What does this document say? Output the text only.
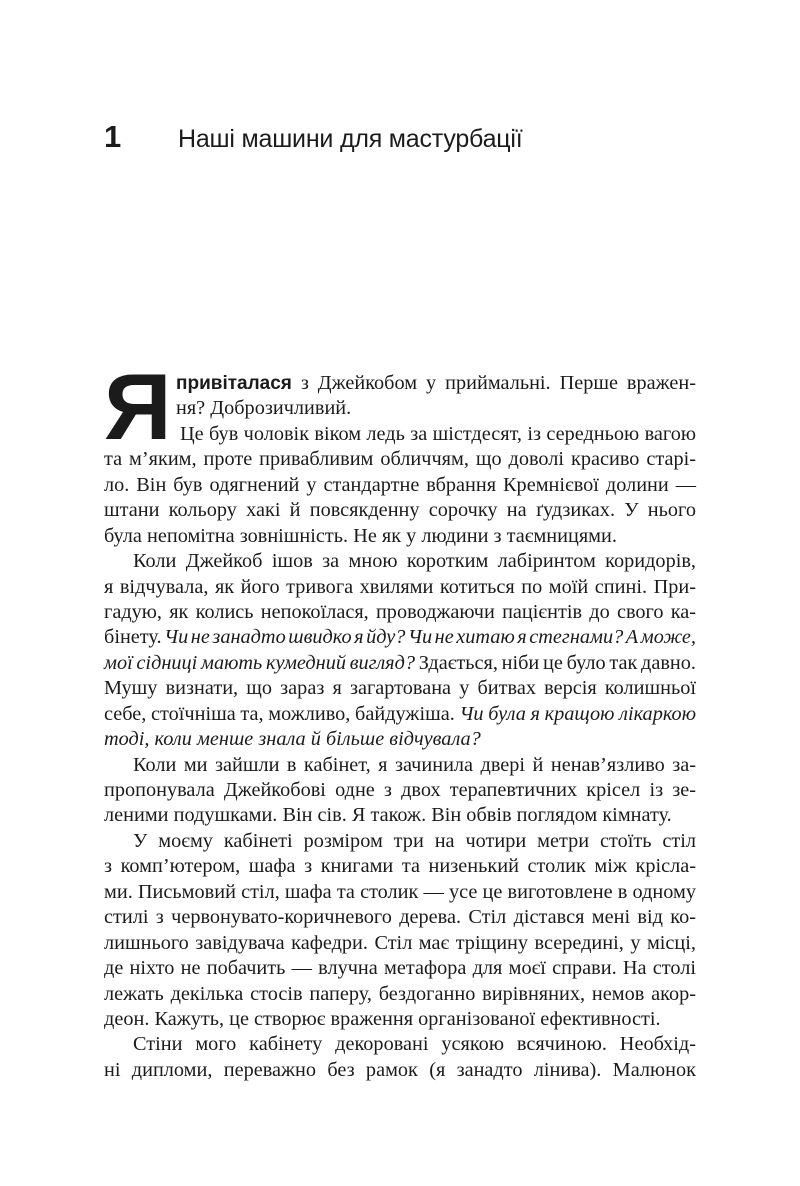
1	Наші машини для мастурбації
Я привіталася з Джейкобом у приймальні. Перше вражен-
ня? Доброзичливий.
Це був чоловік віком ледь за шістдесят, із середньою вагою
та м’яким, проте привабливим обличчям, що доволі красиво старі-
ло. Він був одягнений у стандартне вбрання Кремнієвої долини —
штани кольору хакі й повсякденну сорочку на ґудзиках. У нього
була непомітна зовнішність. Не як у людини з таємницями.
Коли Джейкоб ішов за мною коротким лабіринтом коридорів,
я відчувала, як його тривога хвилями котиться по моїй спині. При-
гадую, як колись непокоїлася, проводжаючи пацієнтів до свого ка-
бінету. Чи не занадто швидко я йду? Чи не хитаю я стегнами? А може,
мої сідниці мають кумедний вигляд? Здається, ніби це було так давно.
Мушу визнати, що зараз я загартована у битвах версія колишньої
себе, стоїчніша та, можливо, байдужіша. Чи була я кращою лікаркою
тоді, коли менше знала й більше відчувала?
Коли ми зайшли в кабінет, я зачинила двері й ненав’язливо за-
пропонувала Джейкобові одне з двох терапевтичних крісел із зе-
леними подушками. Він сів. Я також. Він обвів поглядом кімнату.
У моєму кабінеті розміром три на чотири метри стоїть стіл
з комп’ютером, шафа з книгами та низенький столик між крісла-
ми. Письмовий стіл, шафа та столик — усе це виготовлене в одному
стилі з червонувато-коричневого дерева. Стіл дістався мені від ко-
лишнього завідувача кафедри. Стіл має тріщину всередині, у місці,
де ніхто не побачить — влучна метафора для моєї справи. На столі
лежать декілька стосів паперу, бездоганно вирівняних, немов акор-
деон. Кажуть, це створює враження організованої ефективності.
Стіни мого кабінету декоровані усякою всячиною. Необхід-
ні дипломи, переважно без рамок (я занадто лінива). Малюнок
